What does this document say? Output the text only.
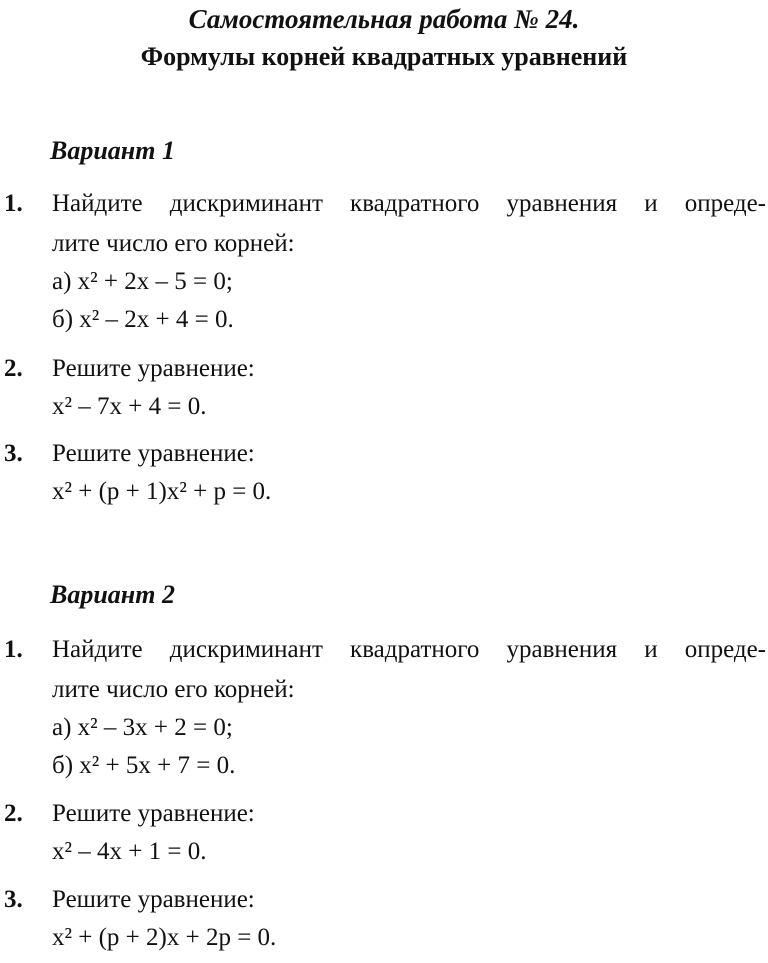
Самостоятельная работа № 24.
Формулы корней квадратных уравнений
Вариант 1
1. Найдите дискриминант квадратного уравнения и опреде-
лите число его корней:
а) x² + 2x – 5 = 0;
б) x² – 2x + 4 = 0.
2. Решите уравнение:
x² – 7x + 4 = 0.
3. Решите уравнение:
x² + (p + 1)x² + p = 0.
Вариант 2
1. Найдите дискриминант квадратного уравнения и опреде-
лите число его корней:
а) x² – 3x + 2 = 0;
б) x² + 5x + 7 = 0.
2. Решите уравнение:
x² – 4x + 1 = 0.
3. Решите уравнение:
x² + (p + 2)x + 2p = 0.
